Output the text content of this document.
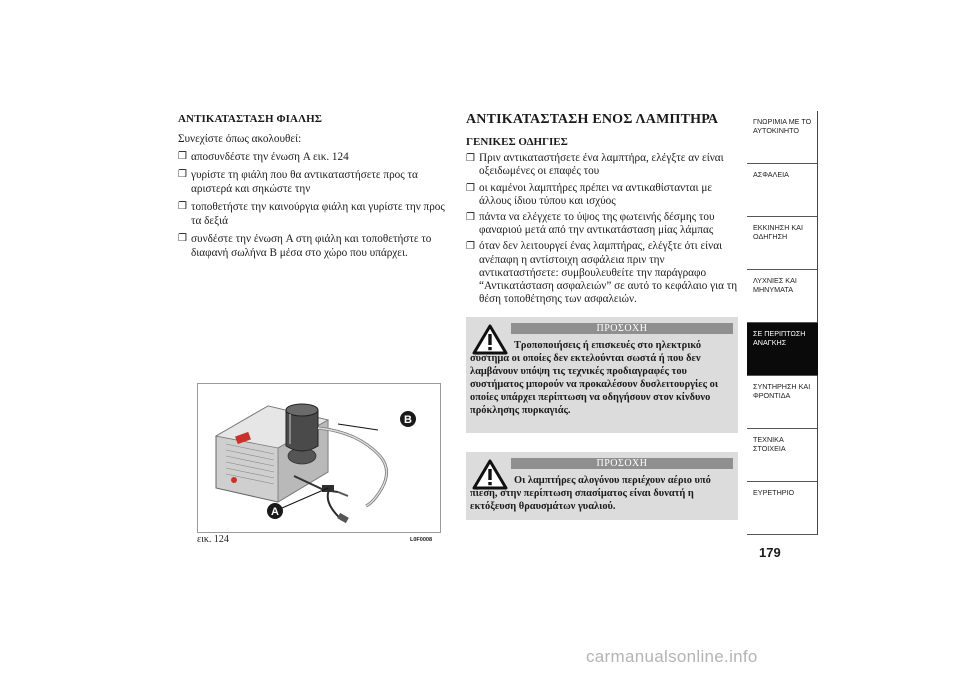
ΑΝΤΙΚΑΤΑΣΤΑΣΗ ΦΙΑΛΗΣ
Συνεχίστε όπως ακολουθεί:
❒ αποσυνδέστε την ένωση A εικ. 124
❒ γυρίστε τη φιάλη που θα αντικαταστήσετε προς τα αριστερά και σηκώστε την
❒ τοποθετήστε την καινούργια φιάλη και γυρίστε την προς τα δεξιά
❒ συνδέστε την ένωση A στη φιάλη και τοποθετήστε το διαφανή σωλήνα B μέσα στο χώρο που υπάρχει.
B
A
εικ. 124	L0F0008
ΑΝΤΙΚΑΤΑΣΤΑΣΗ ΕΝΟΣ ΛΑΜΠΤΗΡΑ
ΓΕΝΙΚΕΣ ΟΔΗΓΙΕΣ
❒ Πριν αντικαταστήσετε ένα λαμπτήρα, ελέγξτε αν είναι οξειδωμένες οι επαφές του
❒ οι καμένοι λαμπτήρες πρέπει να αντικαθίστανται με άλλους ίδιου τύπου και ισχύος
❒ πάντα να ελέγχετε το ύψος της φωτεινής δέσμης του φαναριού μετά από την αντικατάσταση μίας λάμπας
❒ όταν δεν λειτουργεί ένας λαμπτήρας, ελέγξτε ότι είναι ανέπαφη η αντίστοιχη ασφάλεια πριν την αντικαταστήσετε: συμβουλευθείτε την παράγραφο “Αντικατάσταση ασφαλειών” σε αυτό το κεφάλαιο για τη θέση τοποθέτησης των ασφαλειών.
ΠΡΟΣΟΧΗ
Τροποποιήσεις ή επισκευές στο ηλεκτρικό σύστημα οι οποίες δεν εκτελούνται σωστά ή που δεν λαμβάνουν υπόψη τις τεχνικές προδιαγραφές του συστήματος μπορούν να προκαλέσουν δυσλειτουργίες οι οποίες υπάρχει περίπτωση να οδηγήσουν στον κίνδυνο πρόκλησης πυρκαγιάς.
ΠΡΟΣΟΧΗ
Οι λαμπτήρες αλογόνου περιέχουν αέριο υπό πίεση, στην περίπτωση σπασίματος είναι δυνατή η εκτόξευση θραυσμάτων γυαλιού.
ΓΝΩΡΙΜΙΑ ΜΕ ΤΟ
ΑΥΤΟΚΙΝΗΤΟ
ΑΣΦΑΛΕΙΑ
ΕΚΚΙΝΗΣΗ ΚΑΙ
ΟΔΗΓΗΣΗ
ΛΥΧΝΙΕΣ ΚΑΙ
ΜΗΝΥΜΑΤΑ
ΣΕ ΠΕΡΙΠΤΩΣΗ
ΑΝΑΓΚΗΣ
ΣΥΝΤΗΡΗΣΗ ΚΑΙ
ΦΡΟΝΤΙΔΑ
ΤΕΧΝΙΚΑ ΣΤΟΙΧΕΙΑ
ΕΥΡΕΤΗΡΙΟ
179
carmanualsonline.info
